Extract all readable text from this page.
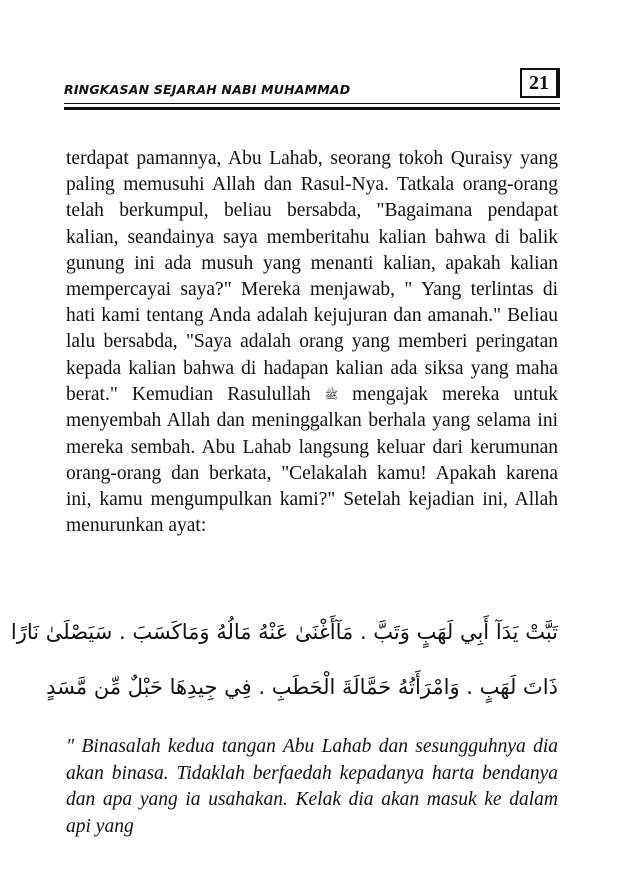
RINGKASAN SEJARAH NABI MUHAMMAD	21

terdapat pamannya, Abu Lahab, seorang tokoh Quraisy yang paling memusuhi Allah dan Rasul-Nya. Tatkala orang-orang telah berkumpul, beliau bersabda, "Bagaimana pendapat kalian, seandainya saya memberitahu kalian bahwa di balik gunung ini ada musuh yang menanti kalian, apakah kalian mempercayai saya?" Mereka menjawab, " Yang terlintas di hati kami tentang Anda adalah kejujuran dan amanah." Beliau lalu bersabda, "Saya adalah orang yang memberi peringatan kepada kalian bahwa di hadapan kalian ada siksa yang maha berat." Kemudian Rasulullah ﷺ mengajak mereka untuk menyembah Allah dan meninggalkan berhala yang selama ini mereka sembah. Abu Lahab langsung keluar dari kerumunan orang-orang dan berkata, "Celakalah kamu! Apakah karena ini, kamu mengumpulkan kami?" Setelah kejadian ini, Allah menurunkan ayat:

تَبَّتْ يَدَآ أَبِي لَهَبٍ وَتَبَّ . مَآأَغْنَىٰ عَنْهُ مَالُهُ وَمَاكَسَبَ . سَيَصْلَىٰ نَارًا
ذَاتَ لَهَبٍ . وَامْرَأَتُهُ حَمَّالَةَ الْحَطَبِ . فِي جِيدِهَا حَبْلٌ مِّن مَّسَدٍ

" Binasalah kedua tangan Abu Lahab dan sesungguhnya dia akan binasa. Tidaklah berfaedah kepadanya harta bendanya dan apa yang ia usahakan. Kelak dia akan masuk ke dalam api yang
